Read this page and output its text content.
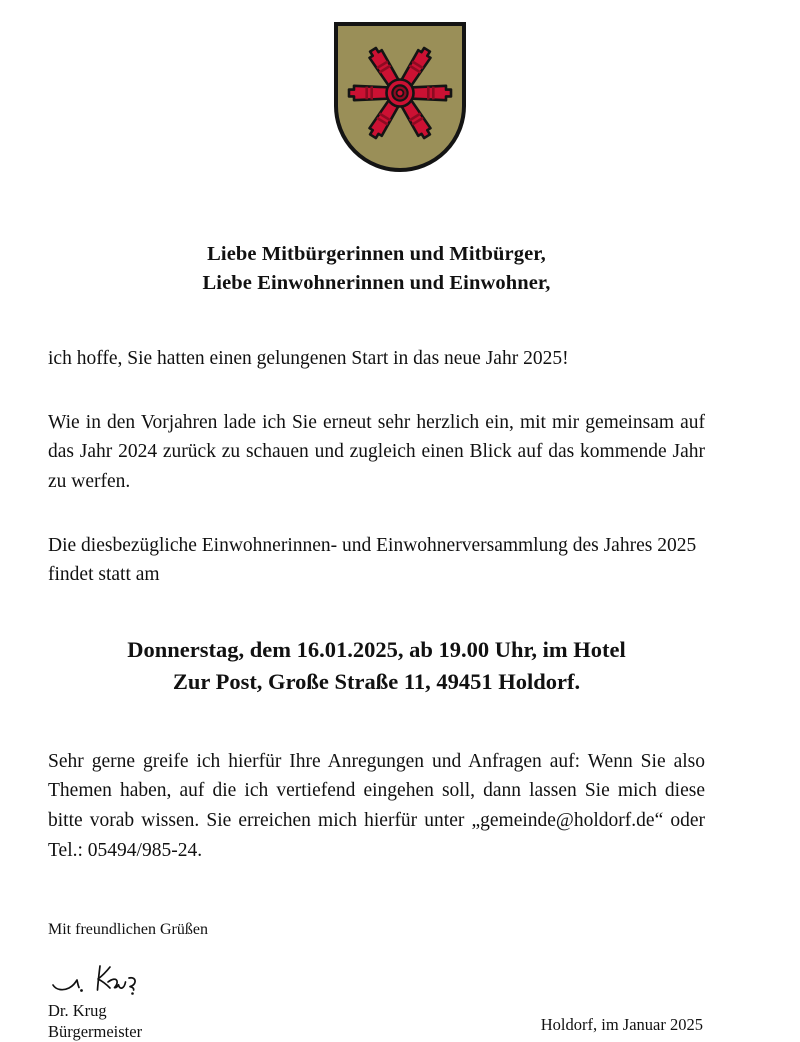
Liebe Mitbürgerinnen und Mitbürger,
Liebe Einwohnerinnen und Einwohner,

ich hoffe, Sie hatten einen gelungenen Start in das neue Jahr 2025!

Wie in den Vorjahren lade ich Sie erneut sehr herzlich ein, mit mir gemeinsam auf das Jahr 2024 zurück zu schauen und zugleich einen Blick auf das kommende Jahr zu werfen.

Die diesbezügliche Einwohnerinnen- und Einwohnerversammlung des Jahres 2025 findet statt am

Donnerstag, dem 16.01.2025, ab 19.00 Uhr, im Hotel
Zur Post, Große Straße 11, 49451 Holdorf.

Sehr gerne greife ich hierfür Ihre Anregungen und Anfragen auf: Wenn Sie also Themen haben, auf die ich vertiefend eingehen soll, dann lassen Sie mich diese bitte vorab wissen. Sie erreichen mich hierfür unter „gemeinde@holdorf.de“ oder Tel.: 05494/985-24.

Mit freundlichen Grüßen
Dr. Krug
Bürgermeister	Holdorf, im Januar 2025
